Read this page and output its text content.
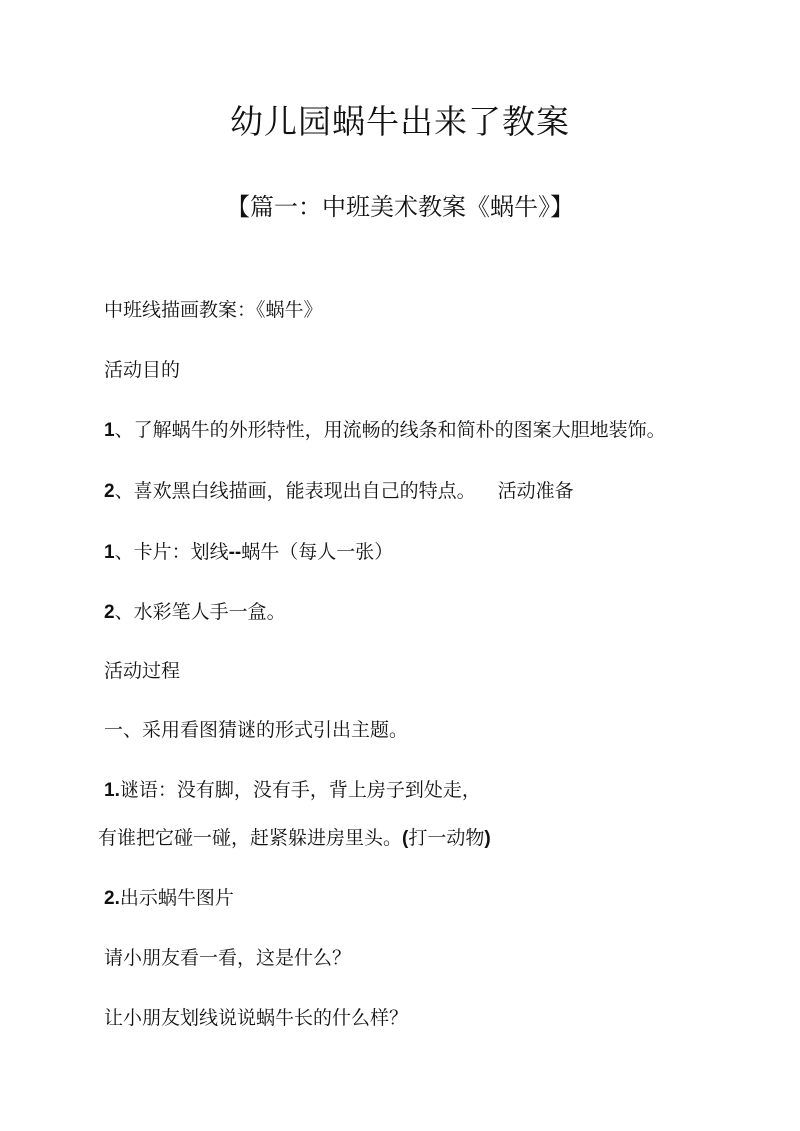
幼儿园蜗牛出来了教案
【篇一：中班美术教案《蜗牛》】
中班线描画教案：《蜗牛》
活动目的
1、了解蜗牛的外形特性，用流畅的线条和简朴的图案大胆地装饰。
2、喜欢黑白线描画，能表现出自己的特点。 活动准备
1、卡片：划线--蜗牛（每人一张）
2、水彩笔人手一盒。
活动过程
一、采用看图猜谜的形式引出主题。
1.谜语：没有脚，没有手，背上房子到处走，
有谁把它碰一碰，赶紧躲进房里头。(打一动物)
2.出示蜗牛图片
请小朋友看一看，这是什么？
让小朋友划线说说蜗牛长的什么样？
